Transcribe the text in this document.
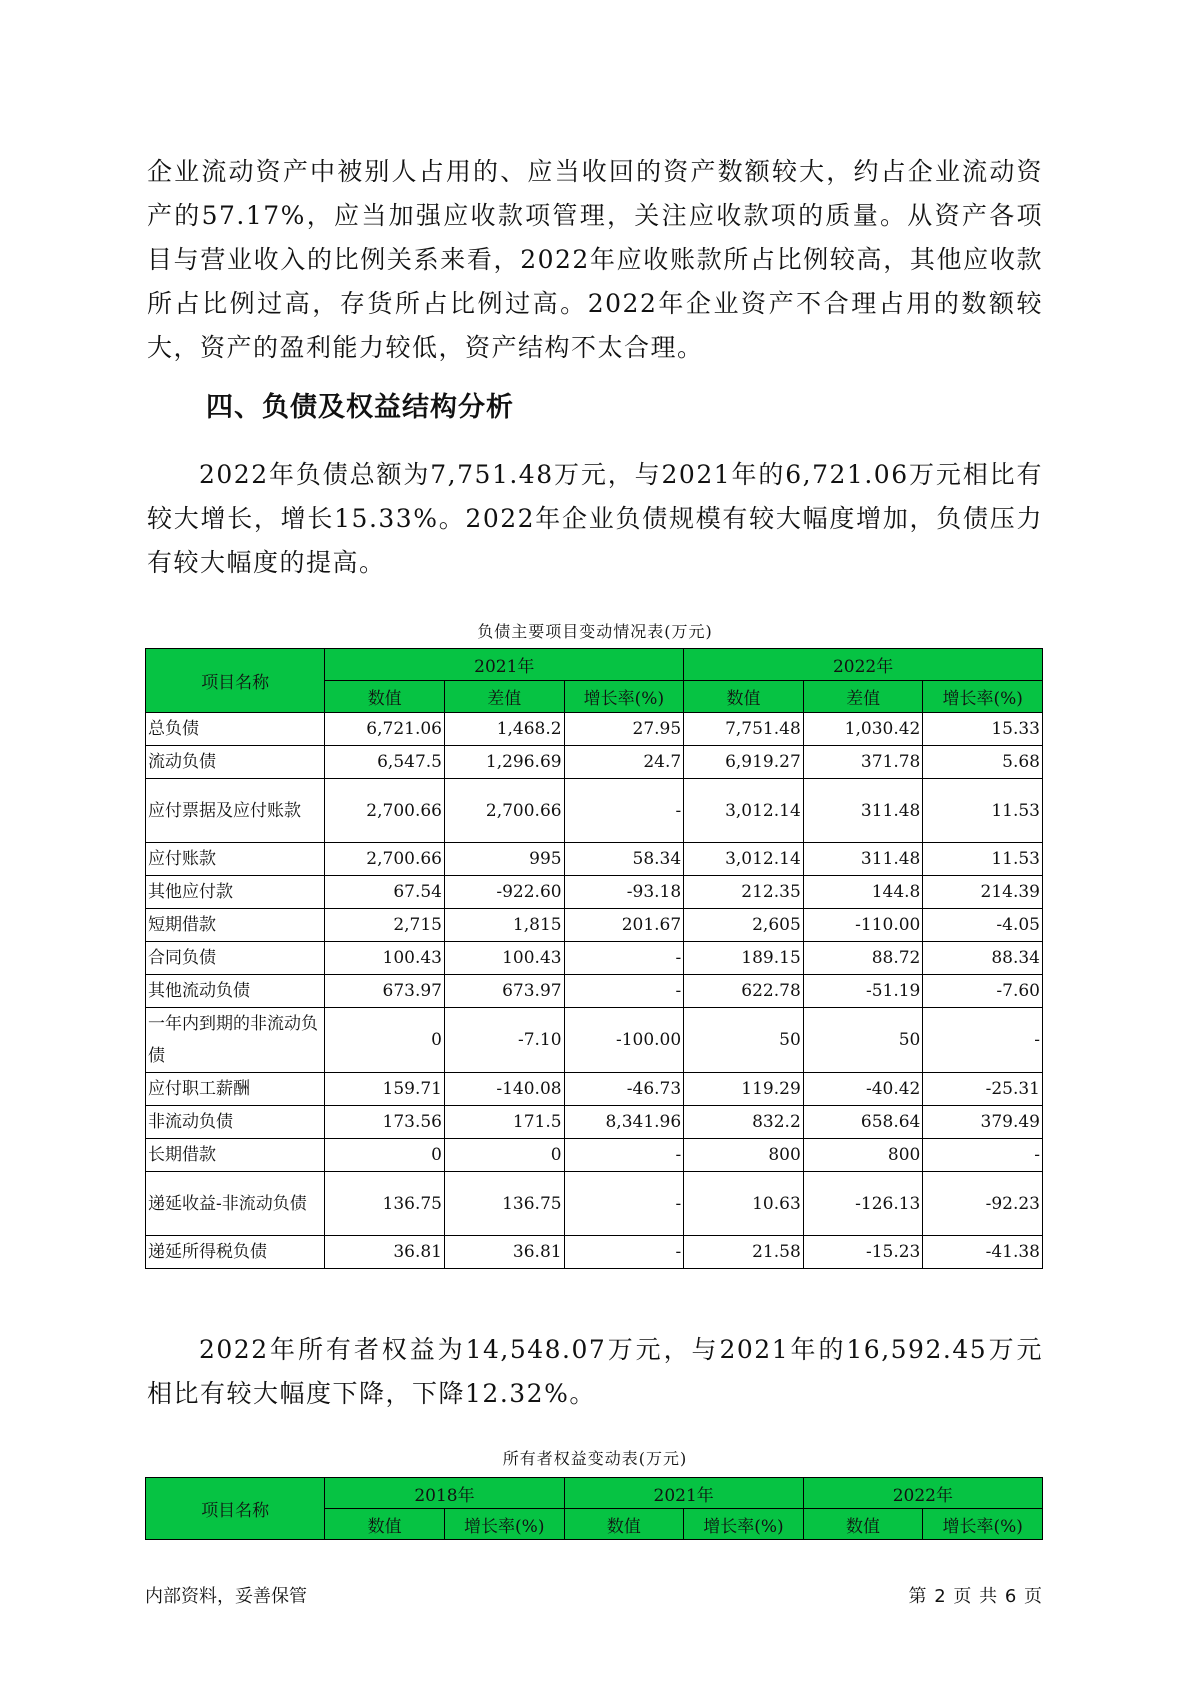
企业流动资产中被别人占用的、应当收回的资产数额较大，约占企业流动资产的57.17%，应当加强应收款项管理，关注应收款项的质量。从资产各项目与营业收入的比例关系来看，2022年应收账款所占比例较高，其他应收款所占比例过高，存货所占比例过高。2022年企业资产不合理占用的数额较大，资产的盈利能力较低，资产结构不太合理。

四、负债及权益结构分析

2022年负债总额为7,751.48万元，与2021年的6,721.06万元相比有较大增长，增长15.33%。2022年企业负债规模有较大幅度增加，负债压力有较大幅度的提高。

负债主要项目变动情况表(万元)
项目名称	2021年			2022年		
	数值	差值	增长率(%)	数值	差值	增长率(%)
总负债	6,721.06	1,468.2	27.95	7,751.48	1,030.42	15.33
流动负债	6,547.5	1,296.69	24.7	6,919.27	371.78	5.68
应付票据及应付账款	2,700.66	2,700.66	-	3,012.14	311.48	11.53
应付账款	2,700.66	995	58.34	3,012.14	311.48	11.53
其他应付款	67.54	-922.60	-93.18	212.35	144.8	214.39
短期借款	2,715	1,815	201.67	2,605	-110.00	-4.05
合同负债	100.43	100.43	-	189.15	88.72	88.34
其他流动负债	673.97	673.97	-	622.78	-51.19	-7.60
一年内到期的非流动负债	0	-7.10	-100.00	50	50	-
应付职工薪酬	159.71	-140.08	-46.73	119.29	-40.42	-25.31
非流动负债	173.56	171.5	8,341.96	832.2	658.64	379.49
长期借款	0	0	-	800	800	-
递延收益-非流动负债	136.75	136.75	-	10.63	-126.13	-92.23
递延所得税负债	36.81	36.81	-	21.58	-15.23	-41.38

2022年所有者权益为14,548.07万元，与2021年的16,592.45万元相比有较大幅度下降，下降12.32%。

所有者权益变动表(万元)
项目名称	2018年		2021年		2022年	
	数值	增长率(%)	数值	增长率(%)	数值	增长率(%)
内部资料，妥善保管	第 2 页 共 6 页
